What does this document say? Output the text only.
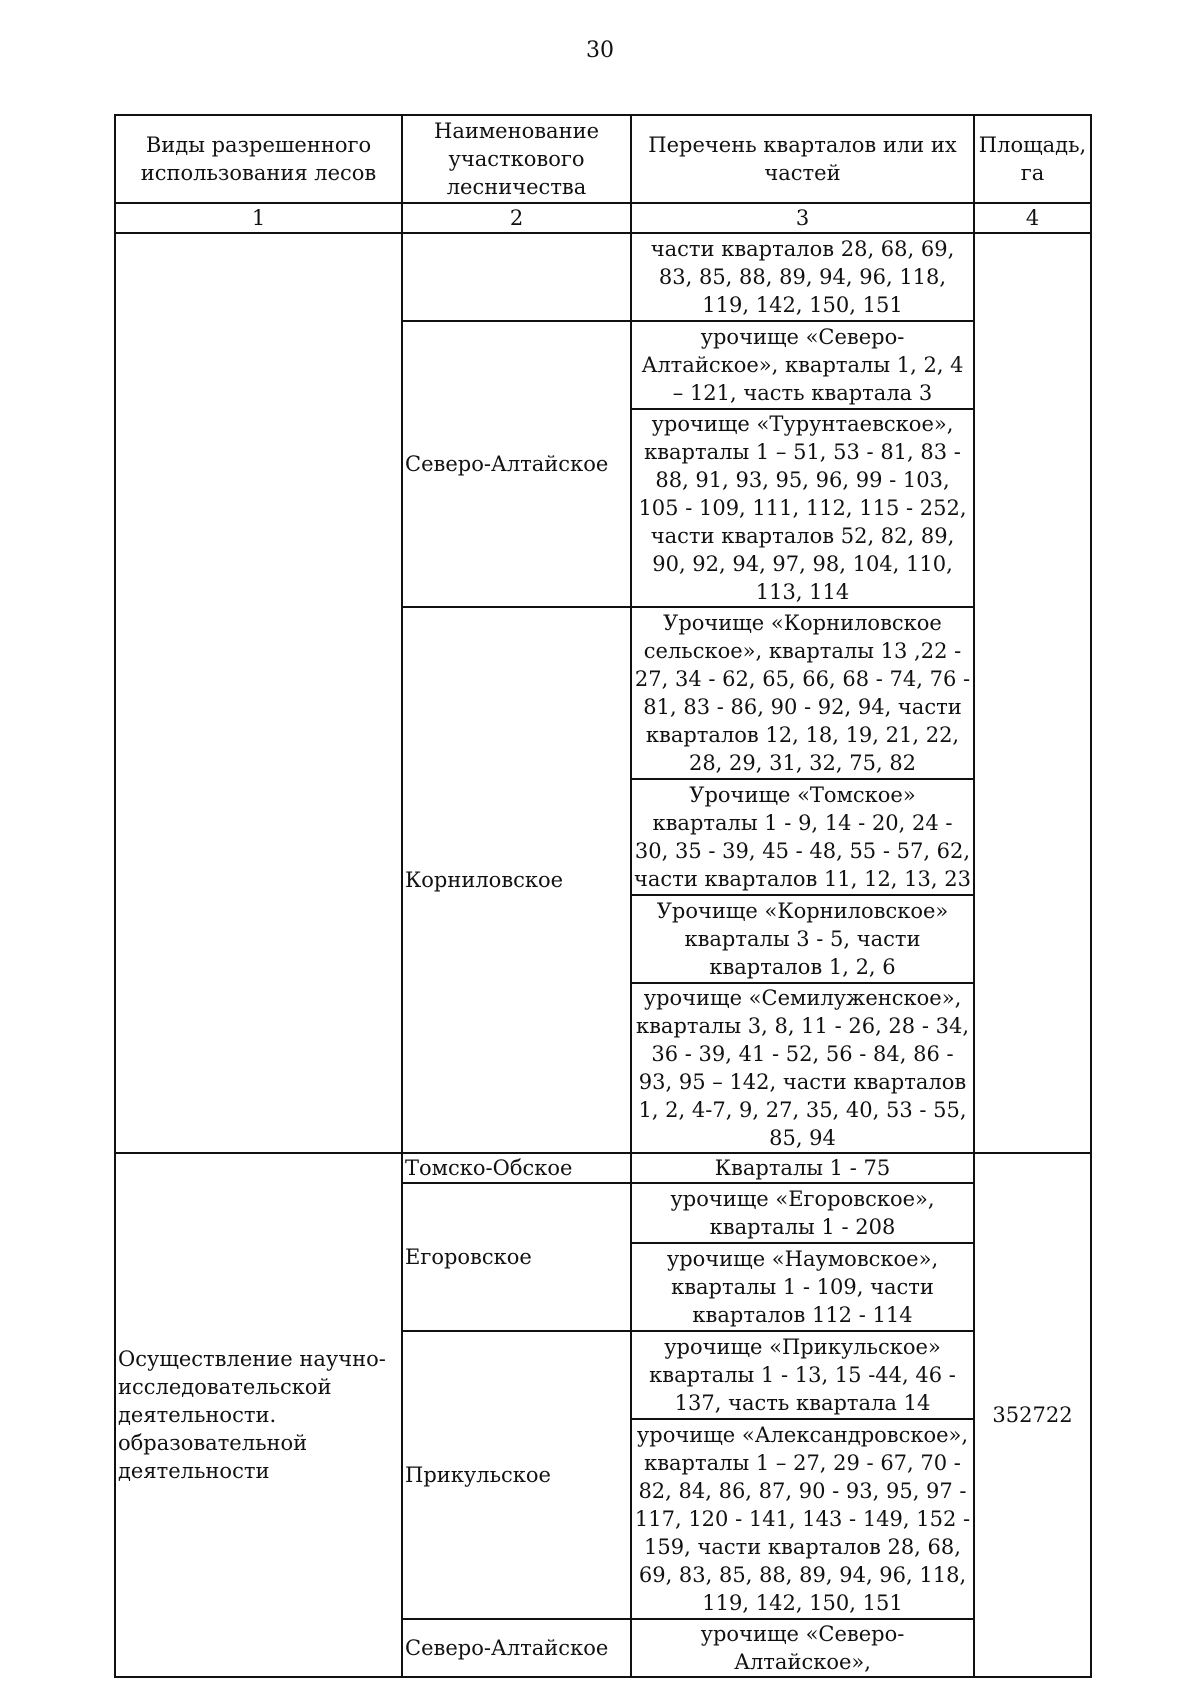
30
Виды разрешенного использования лесов	Наименование участкового лесничества	Перечень кварталов или их частей	Площадь, га
1	2	3	4
		части кварталов 28, 68, 69, 83, 85, 88, 89, 94, 96, 118, 119, 142, 150, 151	
	Северо-Алтайское	урочище «Северо-Алтайское», кварталы 1, 2, 4 – 121, часть квартала 3	
		урочище «Турунтаевское», кварталы 1 – 51, 53 - 81, 83 - 88, 91, 93, 95, 96, 99 - 103, 105 - 109, 111, 112, 115 - 252, части кварталов 52, 82, 89, 90, 92, 94, 97, 98, 104, 110, 113, 114	
	Корниловское	Урочище «Корниловское сельское», кварталы 13 ,22 - 27, 34 - 62, 65, 66, 68 - 74, 76 - 81, 83 - 86, 90 - 92, 94, части кварталов 12, 18, 19, 21, 22, 28, 29, 31, 32, 75, 82	
		Урочище «Томское» кварталы 1 - 9, 14 - 20, 24 - 30, 35 - 39, 45 - 48, 55 - 57, 62, части кварталов 11, 12, 13, 23	
		Урочище «Корниловское» кварталы 3 - 5, части кварталов 1, 2, 6	
		урочище «Семилуженское», кварталы 3, 8, 11 - 26, 28 - 34, 36 - 39, 41 - 52, 56 - 84, 86 - 93, 95 – 142, части кварталов 1, 2, 4-7, 9, 27, 35, 40, 53 - 55, 85, 94	
Осуществление научно-исследовательской деятельности. образовательной деятельности	Томско-Обское	Кварталы 1 - 75	352722
	Егоровское	урочище «Егоровское», кварталы 1 - 208	
		урочище «Наумовское», кварталы 1 - 109, части кварталов 112 - 114	
	Прикульское	урочище «Прикульское» кварталы 1 - 13, 15 -44, 46 - 137, часть квартала 14	
		урочище «Александровское», кварталы 1 – 27, 29 - 67, 70 - 82, 84, 86, 87, 90 - 93, 95, 97 - 117, 120 - 141, 143 - 149, 152 - 159, части кварталов 28, 68, 69, 83, 85, 88, 89, 94, 96, 118, 119, 142, 150, 151	
	Северо-Алтайское	урочище «Северо-Алтайское»,	
